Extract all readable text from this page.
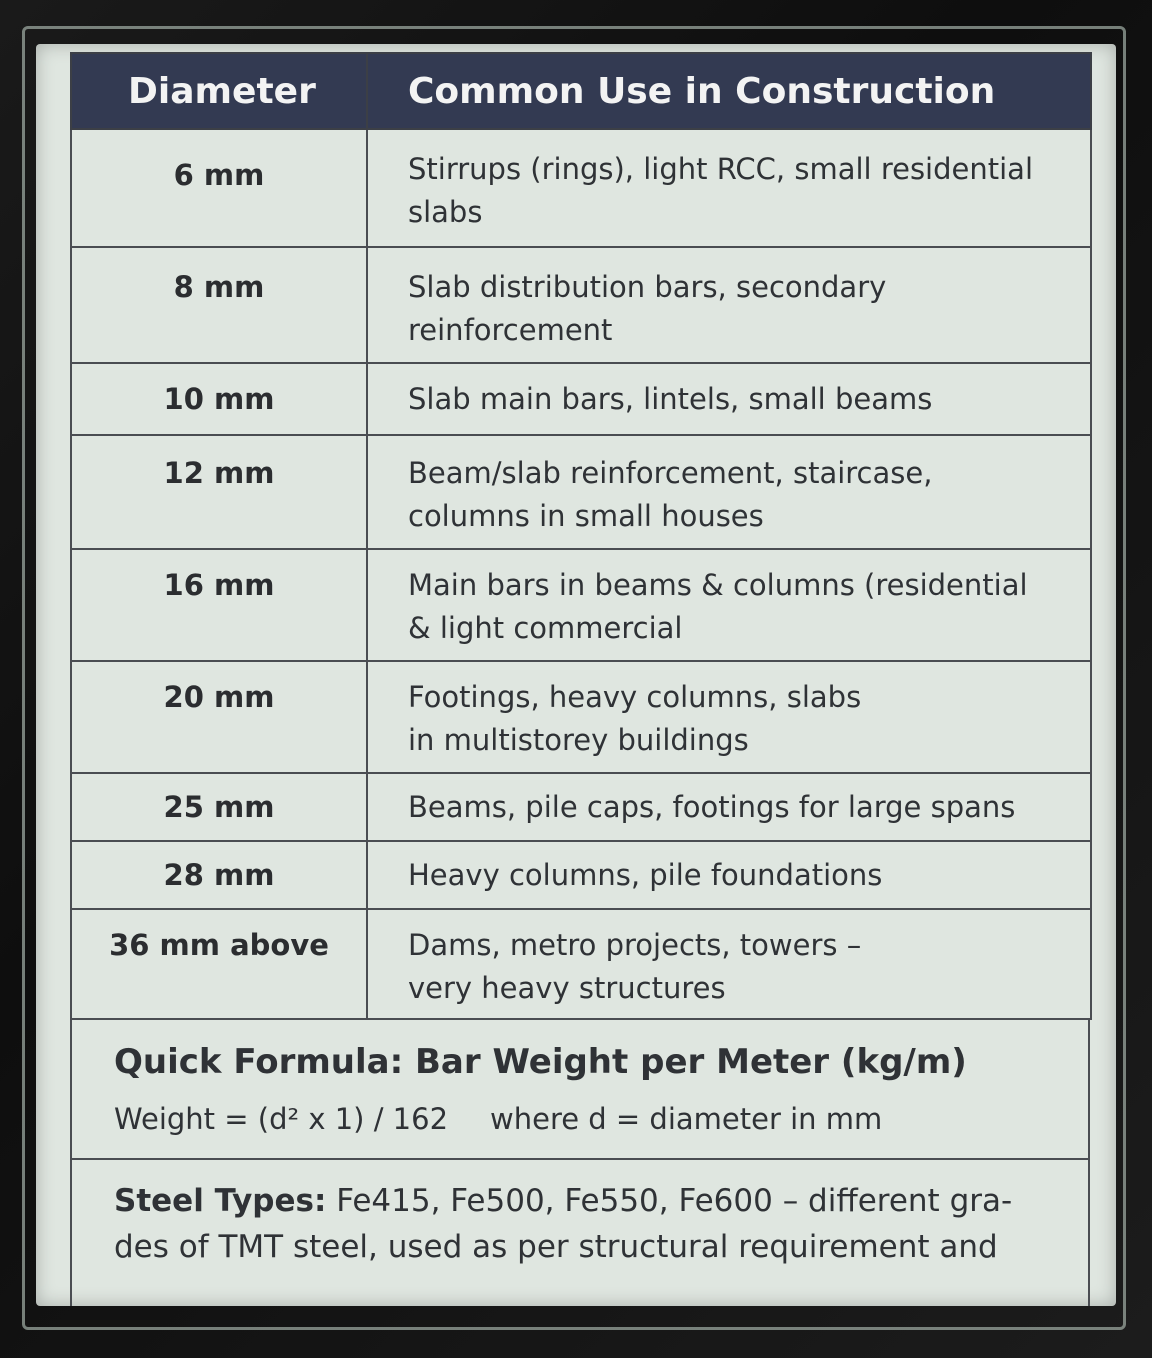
Diameter	Common Use in Construction

6 mm	Stirrups (rings), light RCC, small residential
slabs

8 mm	Slab distribution bars, secondary
reinforcement

10 mm	Slab main bars, lintels, small beams

12 mm	Beam/slab reinforcement, staircase,
columns in small houses

16 mm	Main bars in beams & columns (residential
& light commercial

20 mm	Footings, heavy columns, slabs
in multistorey buildings

25 mm	Beams, pile caps, footings for large spans

28 mm	Heavy columns, pile foundations

36 mm above	Dams, metro projects, towers –
very heavy structures
Quick Formula: Bar Weight per Meter (kg/m)
Weight = (d² x 1) / 162 where d = diameter in mm
Steel Types: Fe415, Fe500, Fe550, Fe600 – different gra-
des of TMT steel, used as per structural requirement and
